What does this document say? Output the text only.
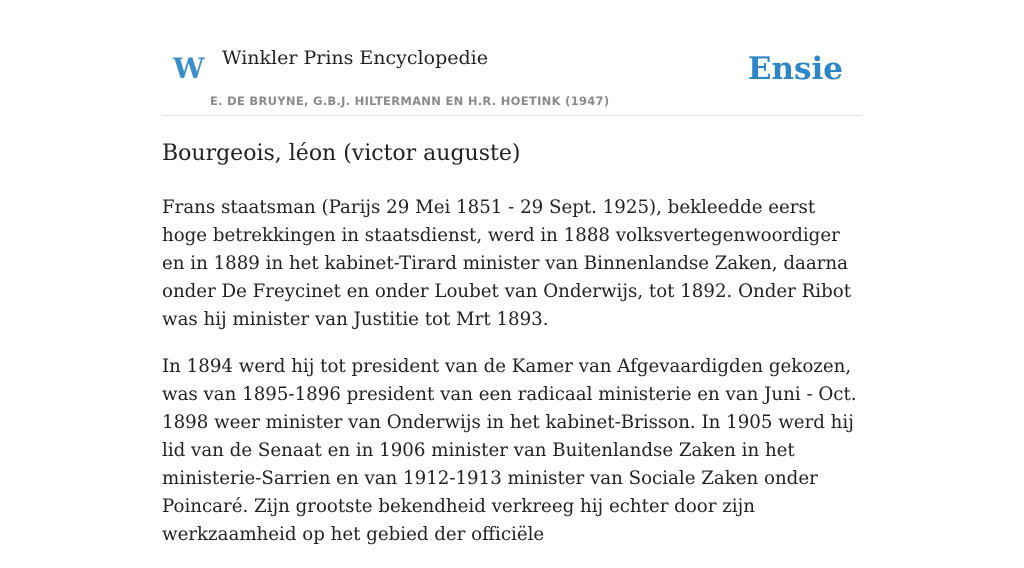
W Winkler Prins Encyclopedie
E. DE BRUYNE, G.B.J. HILTERMANN EN H.R. HOETINK (1947)
Ensie
Bourgeois, léon (victor auguste)

Frans staatsman (Parijs 29 Mei 1851 - 29 Sept. 1925), bekleedde eerst hoge betrekkingen in staatsdienst, werd in 1888 volksvertegenwoordiger en in 1889 in het kabinet-Tirard minister van Binnenlandse Zaken, daarna onder De Freycinet en onder Loubet van Onderwijs, tot 1892. Onder Ribot was hij minister van Justitie tot Mrt 1893.

In 1894 werd hij tot president van de Kamer van Afgevaardigden gekozen, was van 1895-1896 president van een radicaal ministerie en van Juni - Oct. 1898 weer minister van Onderwijs in het kabinet-Brisson. In 1905 werd hij lid van de Senaat en in 1906 minister van Buitenlandse Zaken in het ministerie-Sarrien en van 1912-1913 minister van Sociale Zaken onder Poincaré. Zijn grootste bekendheid verkreeg hij echter door zijn werkzaamheid op het gebied der officiële
